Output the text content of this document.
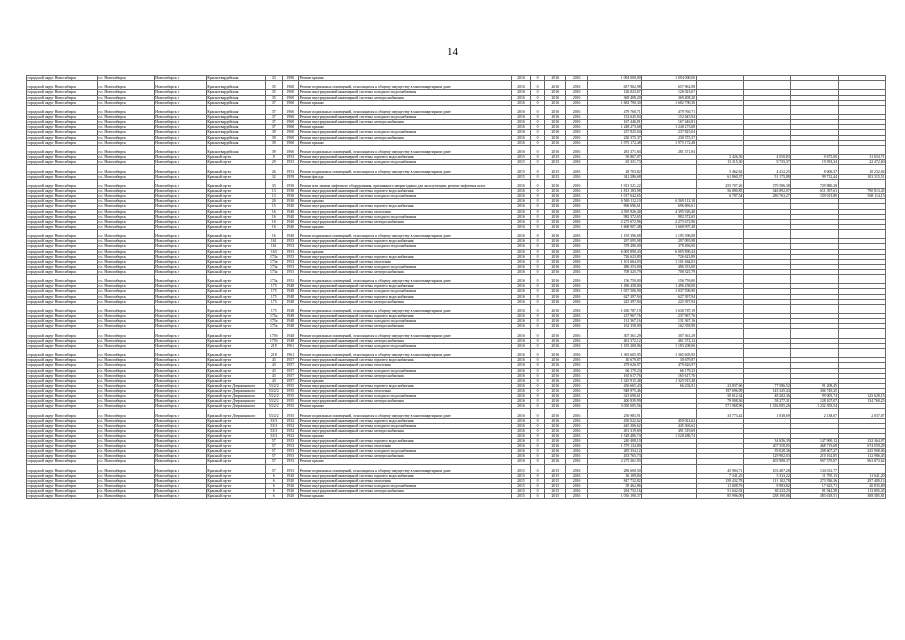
14
городской округ Новосибирск	г.о. Новосибирск	Новосибирск г	Красногвардейская	33	1990	Ремонт крыши	2016	0	2016	2016	1 094 000,00	1 094 000,00				
городской округ Новосибирск	г.о. Новосибирск	Новосибирск г	Красногвардейская	35	1960	Ремонт подвальных помещений, относящихся к общему имуществу в многоквартирном доме	2016	0	2016	2016	657 962,98	657 962,98				
городской округ Новосибирск	г.о. Новосибирск	Новосибирск г	Красногвардейская	35	1960	Ремонт внутридомовой инженерной системы холодного водоснабжения	2016	0	2016	2016	126 023,67	126 023,67				
городской округ Новосибирск	г.о. Новосибирск	Новосибирск г	Красногвардейская	35	1960	Ремонт внутридомовой инженерной системы электроснабжения	2016	0	2016	2016	369 408,20	369 408,20				
городской округ Новосибирск	г.о. Новосибирск	Новосибирск г	Красногвардейская	37	1960	Ремонт крыши	2016	0	2016	2016	1 682 790,30	1 682 790,30				
городской округ Новосибирск	г.о. Новосибирск	Новосибирск г	Красногвардейская	37	1960	Ремонт подвальных помещений, относящихся к общему имуществу в многоквартирном доме	2016	0	2016	2016	479 760,71	479 760,71				
городской округ Новосибирск	г.о. Новосибирск	Новосибирск г	Красногвардейская	37	1960	Ремонт внутридомовой инженерной системы холодного водоснабжения	2016	0	2016	2016	152 645,94	152 645,94				
городской округ Новосибирск	г.о. Новосибирск	Новосибирск г	Красногвардейская	37	1960	Ремонт внутридомовой инженерной системы электроснабжения	2016	0	2016	2016	167 446,81	167 446,81				
городской округ Новосибирск	г.о. Новосибирск	Новосибирск г	Красногвардейская	37	1960	Ремонт крыши	2016	0	2016	2016	1 248 273,68	1 248 273,68				
городской округ Новосибирск	г.о. Новосибирск	Новосибирск г	Красногвардейская	39	1960	Ремонт внутридомовой инженерной системы холодного водоснабжения	2016	0	2016	2016	237 825,04	237 825,04				
городской округ Новосибирск	г.о. Новосибирск	Новосибирск г	Красногвардейская	39	1960	Ремонт внутридомовой инженерной системы электроснабжения	2016	0	2016	2016	230 375,37	230 375,37				
городской округ Новосибирск	г.о. Новосибирск	Новосибирск г	Красногвардейская	39	1960	Ремонт крыши	2016	0	2016	2016	1 975 172,48	1 975 172,48				
городской округ Новосибирск	г.о. Новосибирск	Новосибирск г	Красногвардейская	39	1960	Ремонт подвальных помещений, относящихся к общему имуществу в многоквартирном доме	2016	0	2016	2016	281 371,84	281 371,84				
городской округ Новосибирск	г.о. Новосибирск	Новосибирск г	Красный пр-кт	8	1953	Ремонт внутридомовой инженерной системы горячего водоснабжения	2015	0	2015	2016	50 867,07		5 426,36	4 050,83	9 675,00	31 654,71
городской округ Новосибирск	г.о. Новосибирск	Новосибирск г	Красный пр-кт	29	1953	Ремонт внутридомовой инженерной системы холодного водоснабжения	2015	0	2015	2016	65 331,73		13 315,30	9 735,37	19 593,34	22 472,60
городской округ Новосибирск	г.о. Новосибирск	Новосибирск г	Красный пр-кт	26	1953	Ремонт подвальных помещений, относящихся к общему имуществу в многоквартирном доме	2015	0	2015	2016	28 703,82		5 462,62	4 412,25	8 606,37	10 232,04
городской округ Новосибирск	г.о. Новосибирск	Новосибирск г	Красный пр-кт	32	1959	Ремонт фасада	2015	0	2015	2016	341 286,68		61 860,37	51 175,88	99 712,44	103 315,51
городской округ Новосибирск	г.о. Новосибирск	Новосибирск г	Красный пр-кт	33	1930	Ремонт или замена лифтового оборудования, признанного непригодным для эксплуатации, ремонт лифтовых шахт	2016	0	2016	2016	1 913 521,22		255 707,26	379 586,38	729 880,28	
городской округ Новосибирск	г.о. Новосибирск	Новосибирск г	Красный пр-кт	13	1930	Ремонт внутридомовой инженерной системы горячего водоснабжения	2016	0	2016	2016	1 813 183,98		56 080,85	346 892,07	611 397,61	790 813,45
городской округ Новосибирск	г.о. Новосибирск	Новосибирск г	Красный пр-кт	13	1930	Ремонт внутридомовой инженерной системы холодного водоснабжения	2016	0	2016	2016	1 017 642,65		6 787,54	286 763,27	159 013,80	568 114,13
городской округ Новосибирск	г.о. Новосибирск	Новосибирск г	Красный пр-кт	20	1930	Ремонт крыши	2016	0	2016	2016	6 569 112,10	6 569 112,10				
городской округ Новосибирск	г.о. Новосибирск	Новосибирск г	Красный пр-кт	15	1940	Ремонт внутридомовой инженерной системы горячего водоснабжения	2016	0	2016	2016	696 696,61	696 696,61				
городской округ Новосибирск	г.о. Новосибирск	Новосибирск г	Красный пр-кт	16	1940	Ремонт внутридомовой инженерной системы отопления	2016	0	2016	2016	4 395 926,40	4 395 926,40				
городской округ Новосибирск	г.о. Новосибирск	Новосибирск г	Красный пр-кт	16	1940	Ремонт внутридомовой инженерной системы холодного водоснабжения	2016	0	2016	2016	982 372,65	982 372,65				
городской округ Новосибирск	г.о. Новосибирск	Новосибирск г	Красный пр-кт	16	1940	Ремонт внутридомовой инженерной системы электроснабжения	2016	0	2016	2016	2 275 672,96	2 275 672,96				
городской округ Новосибирск	г.о. Новосибирск	Новосибирск г	Красный пр-кт	16	1940	Ремонт крыши	2016	0	2016	2016	1 668 907,48	1 668 907,48				
городской округ Новосибирск	г.о. Новосибирск	Новосибирск г	Красный пр-кт	16	1940	Ремонт подвальных помещений, относящихся к общему имуществу в многоквартирном доме	2016	0	2016	2016	1 195 396,08	1 195 396,08				
городской округ Новосибирск	г.о. Новосибирск	Новосибирск г	Красный пр-кт	161	1953	Ремонт внутридомовой инженерной системы горячего водоснабжения	2016	0	2016	2016	297 095,98	297 095,98				
городской округ Новосибирск	г.о. Новосибирск	Новосибирск г	Красный пр-кт	161	1953	Ремонт внутридомовой инженерной системы холодного водоснабжения	2016	0	2016	2016	378 496,00	378 496,00				
городской округ Новосибирск	г.о. Новосибирск	Новосибирск г	Красный пр-кт	163	1953	Ремонт крыши	2016	0	2016	2016	6 005 890,43	6 005 890,43				
городской округ Новосибирск	г.о. Новосибирск	Новосибирск г	Красный пр-кт	173а	1953	Ремонт внутридомовой инженерной системы горячего водоснабжения	2016	0	2016	2016	726 623,89	726 623,89				
городской округ Новосибирск	г.о. Новосибирск	Новосибирск г	Красный пр-кт	173а	1953	Ремонт внутридомовой инженерной системы отопления	2016	0	2016	2016	1 101 664,03	1 101 664,03				
городской округ Новосибирск	г.о. Новосибирск	Новосибирск г	Красный пр-кт	173а	1953	Ремонт внутридомовой инженерной системы холодного водоснабжения	2016	0	2016	2016	486 353,00	486 353,00				
городской округ Новосибирск	г.о. Новосибирск	Новосибирск г	Красный пр-кт	173а	1953	Ремонт внутридомовой инженерной системы электроснабжения	2016	0	2016	2016	708 325,79	708 325,79				
городской округ Новосибирск	г.о. Новосибирск	Новосибирск г	Красный пр-кт	173а	1953	Ремонт подвальных помещений, относящихся к общему имуществу в многоквартирном доме	2016	0	2016	2016	156 759,00	156 759,00				
городской округ Новосибирск	г.о. Новосибирск	Новосибирск г	Красный пр-кт	175	1948	Ремонт внутридомовой инженерной системы горячего водоснабжения	2016	0	2016	2016	1 496 458,00	1 496 458,00				
городской округ Новосибирск	г.о. Новосибирск	Новосибирск г	Красный пр-кт	175	1948	Ремонт внутридомовой инженерной системы холодного водоснабжения	2016	0	2016	2016	1 037 506,90	1 037 506,90				
городской округ Новосибирск	г.о. Новосибирск	Новосибирск г	Красный пр-кт	175	1948	Ремонт внутридомовой инженерной системы горячего водоснабжения	2016	0	2016	2016	627 397,94	627 397,94				
городской округ Новосибирск	г.о. Новосибирск	Новосибирск г	Красный пр-кт	175	1948	Ремонт внутридомовой инженерной системы электроснабжения	2016	0	2016	2016	225 397,94	225 397,94				
городской округ Новосибирск	г.о. Новосибирск	Новосибирск г	Красный пр-кт	175	1948	Ремонт подвальных помещений, относящихся к общему имуществу в многоквартирном доме	2016	0	2016	2016	1 630 787,19	1 630 787,19				
городской округ Новосибирск	г.о. Новосибирск	Новосибирск г	Красный пр-кт	175а	1948	Ремонт внутридомовой инженерной системы горячего водоснабжения	2016	0	2016	2016	237 967,76	237 967,76				
городской округ Новосибирск	г.о. Новосибирск	Новосибирск г	Красный пр-кт	175а	1948	Ремонт внутридомовой инженерной системы холодного водоснабжения	2016	0	2016	2016	131 367,16	131 367,16				
городской округ Новосибирск	г.о. Новосибирск	Новосибирск г	Красный пр-кт	175а	1948	Ремонт внутридомовой инженерной системы электроснабжения	2016	0	2016	2016	162 358,90	162 358,90				
городской округ Новосибирск	г.о. Новосибирск	Новосибирск г	Красный пр-кт	175б	1948	Ремонт подвальных помещений, относящихся к общему имуществу в многоквартирном доме	2016	0	2016	2016	307 361,29	307 361,29				
городской округ Новосибирск	г.о. Новосибирск	Новосибирск г	Красный пр-кт	175б	1948	Ремонт внутридомовой инженерной системы электроснабжения	2016	0	2016	2016	461 372,12	461 372,12				
городской округ Новосибирск	г.о. Новосибирск	Новосибирск г	Красный пр-кт	218	1961	Ремонт внутридомовой инженерной системы холодного водоснабжения	2016	0	2016	2016	1 183 208,06	1 183 208,06				
городской округ Новосибирск	г.о. Новосибирск	Новосибирск г	Красный пр-кт	218	1961	Ремонт подвальных помещений, относящихся к общему имуществу в многоквартирном доме	2016	0	2016	2016	1 365 605,95	1 365 605,95				
городской округ Новосибирск	г.о. Новосибирск	Новосибирск г	Красный пр-кт	43	1957	Ремонт внутридомовой инженерной системы горячего водоснабжения	2016	0	2016	2016	30 679,87	30 679,87				
городской округ Новосибирск	г.о. Новосибирск	Новосибирск г	Красный пр-кт	43	1957	Ремонт внутридомовой инженерной системы отопления	2016	0	2016	2016	479 626,97	479 626,97				
городской округ Новосибирск	г.о. Новосибирск	Новосибирск г	Красный пр-кт	43	1957	Ремонт внутридомовой инженерной системы холодного водоснабжения	2016	0	2016	2016	66 179,23	66 179,23				
городской округ Новосибирск	г.о. Новосибирск	Новосибирск г	Красный пр-кт	43	1957	Ремонт внутридомовой инженерной системы электроснабжения	2016	0	2016	2016	165 617,76	165 617,76				
городской округ Новосибирск	г.о. Новосибирск	Новосибирск г	Красный пр-кт	43	1957	Ремонт крыши	2016	0	2016	2016	1 325 915,48	1 325 915,48				
городской округ Новосибирск	г.о. Новосибирск	Новосибирск г	Красный пр-кт Дзержинского	53/2/2	1955	Ремонт внутридомовой инженерной системы горячего водоснабжения	2016	0	2016	2016	456 665,43	66 202,81	23 837,66	77 586,52	91 208,45	
городской округ Новосибирск	г.о. Новосибирск	Новосибирск г	Красный пр-кт Дзержинского	53/2/2	1955	Ремонт внутридомовой инженерной системы отопления	2016	0	2016	2016	948 975,46		197 696,09	145 345,43	306 749,25	
городской округ Новосибирск	г.о. Новосибирск	Новосибирск г	Красный пр-кт Дзержинского	53/2/2	1955	Ремонт внутридомовой инженерной системы холодного водоснабжения	2016	0	2016	2016	323 690,61		50 612,34	48 282,36	99 005,74	125 628,15
городской округ Новосибирск	г.о. Новосибирск	Новосибирск г	Красный пр-кт Дзержинского	53/2/2	1955	Ремонт внутридомовой инженерной системы электроснабжения	2016	0	2016	2016	400 839,99		79 908,36	58 277,31	128 107,07	134 768,25
городской округ Новосибирск	г.о. Новосибирск	Новосибирск г	Красный пр-кт Дзержинского	53/2/2	1955	Ремонт крыши	2016	0	2016	2016	3 050 605,56		571 968,96	1 336 085,26	1 232 393,54	
городской округ Новосибирск	г.о. Новосибирск	Новосибирск г	Красный пр-кт Дзержинского	53/2/2	1955	Ремонт подвальных помещений, относящихся к общему имуществу в многоквартирном доме	2016	0	2016	2016	256 983,91		33 773,42	1 038,69	2 138,07	2 037,07
городской округ Новосибирск	г.о. Новосибирск	Новосибирск г	Красный пр-кт	53/3	1952	Ремонт внутридомовой инженерной системы горячего водоснабжения	2016	0	2016	2016	450 022,62	450 022,62				
городской округ Новосибирск	г.о. Новосибирск	Новосибирск г	Красный пр-кт	53/3	1952	Ремонт внутридомовой инженерной системы холодного водоснабжения	2016	0	2016	2016	445 306,62	445 306,62				
городской округ Новосибирск	г.о. Новосибирск	Новосибирск г	Красный пр-кт	53/3	1952	Ремонт внутридомовой инженерной системы электроснабжения	2016	0	2016	2016	491 319,69	491 319,69				
городской округ Новосибирск	г.о. Новосибирск	Новосибирск г	Красный пр-кт	53/3	1952	Ремонт крыши	2016	0	2016	2016	1 528 486,74	1 528 486,74				
городской округ Новосибирск	г.о. Новосибирск	Новосибирск г	Красный пр-кт	57	1953	Ремонт внутридомовой инженерной системы горячего водоснабжения	2016	0	2016	2016	240 408,10			34 656,39	147 900,12	132 364,97
городской округ Новосибирск	г.о. Новосибирск	Новосибирск г	Красный пр-кт	57	1953	Ремонт внутридомовой инженерной системы отопления	2016	0	2016	2016	1 579 134,80			207 558,05	468 719,68	674 059,29
городской округ Новосибирск	г.о. Новосибирск	Новосибирск г	Красный пр-кт	57	1953	Ремонт внутридомовой инженерной системы холодного водоснабжения	2016	0	2016	2016	285 354,12			39 028,36	208 607,27	225 908,06
городской округ Новосибирск	г.о. Новосибирск	Новосибирск г	Красный пр-кт	57	1953	Ремонт внутридомовой инженерной системы электроснабжения	2016	0	2016	2016	453 765,73			129 982,03	210 162,85	112 986,45
городской округ Новосибирск	г.о. Новосибирск	Новосибирск г	Красный пр-кт	57	1953	Ремонт крыши	2016	0	2016	2016	2 275 361,93			403 908,37	907 579,87	963 873,62
городской округ Новосибирск	г.о. Новосибирск	Новосибирск г	Красный пр-кт	57	1953	Ремонт подвальных помещений, относящихся к общему имуществу в многоквартирном доме	2015	0	2015	2016	286 600,50		45 904,71	103 407,28	134 012,77	
городской округ Новосибирск	г.о. Новосибирск	Новосибирск г	Красный пр-кт	6	1920	Ремонт внутридомовой инженерной системы горячего водоснабжения	2015	0	2015	2016	36 109,84		7 341,25	5 333,22	11 795,13	11 641,20
городской округ Новосибирск	г.о. Новосибирск	Новосибирск г	Красный пр-кт	6	1920	Ремонт внутридомовой инженерной системы отопления	2015	0	2015	2016	847 732,82		159 432,78	111 102,78	273 936,36	297 480,13
городской округ Новосибирск	г.о. Новосибирск	Новосибирск г	Красный пр-кт	6	1920	Ремонт внутридомовой инженерной системы холодного водоснабжения	2015	0	2015	2016	58 462,86		11 008,76	8 983,82	17 625,71	20 835,69
городской округ Новосибирск	г.о. Новосибирск	Новосибирск г	Красный пр-кт	6	1920	Ремонт внутридомовой инженерной системы электроснабжения	2015	0	2015	2016	294 752,16		51 642,92	38 223,25	81 942,58	113 805,45
городской округ Новосибирск	г.о. Новосибирск	Новосибирск г	Красный пр-кт	6	1920	Ремонт крыши	2015	0	2015	2016	1 016 190,37		85 996,09	238 190,06	383 618,51	308 385,81
